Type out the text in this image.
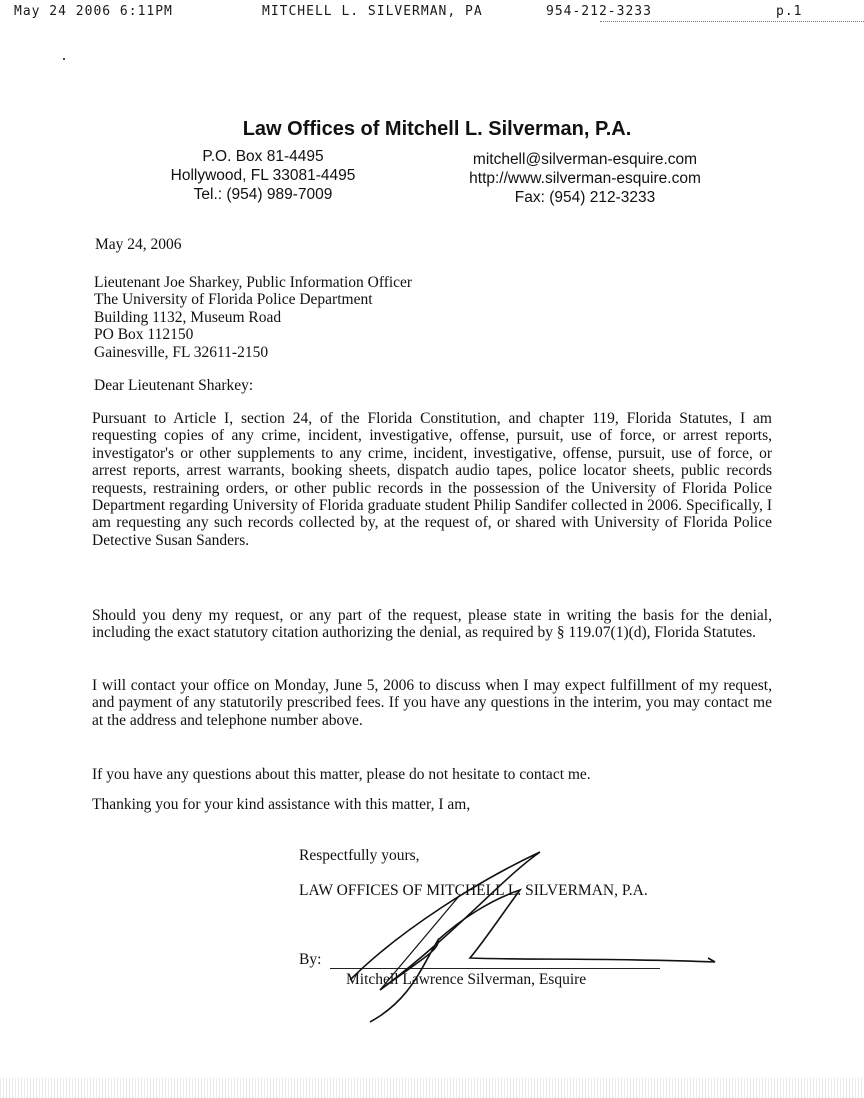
May 24 2006 6:11PM	MITCHELL L. SILVERMAN, PA	954-212-3233	p.1
Law Offices of Mitchell L. Silverman, P.A.
P.O. Box 81-4495
Hollywood, FL 33081-4495
Tel.: (954) 989-7009
mitchell@silverman-esquire.com
http://www.silverman-esquire.com
Fax: (954) 212-3233
May 24, 2006
Lieutenant Joe Sharkey, Public Information Officer
The University of Florida Police Department
Building 1132, Museum Road
PO Box 112150
Gainesville, FL 32611-2150
Dear Lieutenant Sharkey:

Pursuant to Article I, section 24, of the Florida Constitution, and chapter 119, Florida Statutes, I am requesting copies of any crime, incident, investigative, offense, pursuit, use of force, or arrest reports, investigator's or other supplements to any crime, incident, investigative, offense, pursuit, use of force, or arrest reports, arrest warrants, booking sheets, dispatch audio tapes, police locator sheets, public records requests, restraining orders, or other public records in the possession of the University of Florida Police Department regarding University of Florida graduate student Philip Sandifer collected in 2006. Specifically, I am requesting any such records collected by, at the request of, or shared with University of Florida Police Detective Susan Sanders.

Should you deny my request, or any part of the request, please state in writing the basis for the denial, including the exact statutory citation authorizing the denial, as required by § 119.07(1)(d), Florida Statutes.

I will contact your office on Monday, June 5, 2006 to discuss when I may expect fulfillment of my request, and payment of any statutorily prescribed fees. If you have any questions in the interim, you may contact me at the address and telephone number above.

If you have any questions about this matter, please do not hesitate to contact me.

Thanking you for your kind assistance with this matter, I am,

Respectfully yours,
LAW OFFICES OF MITCHELL L. SILVERMAN, P.A.
By:
Mitchell Lawrence Silverman, Esquire
